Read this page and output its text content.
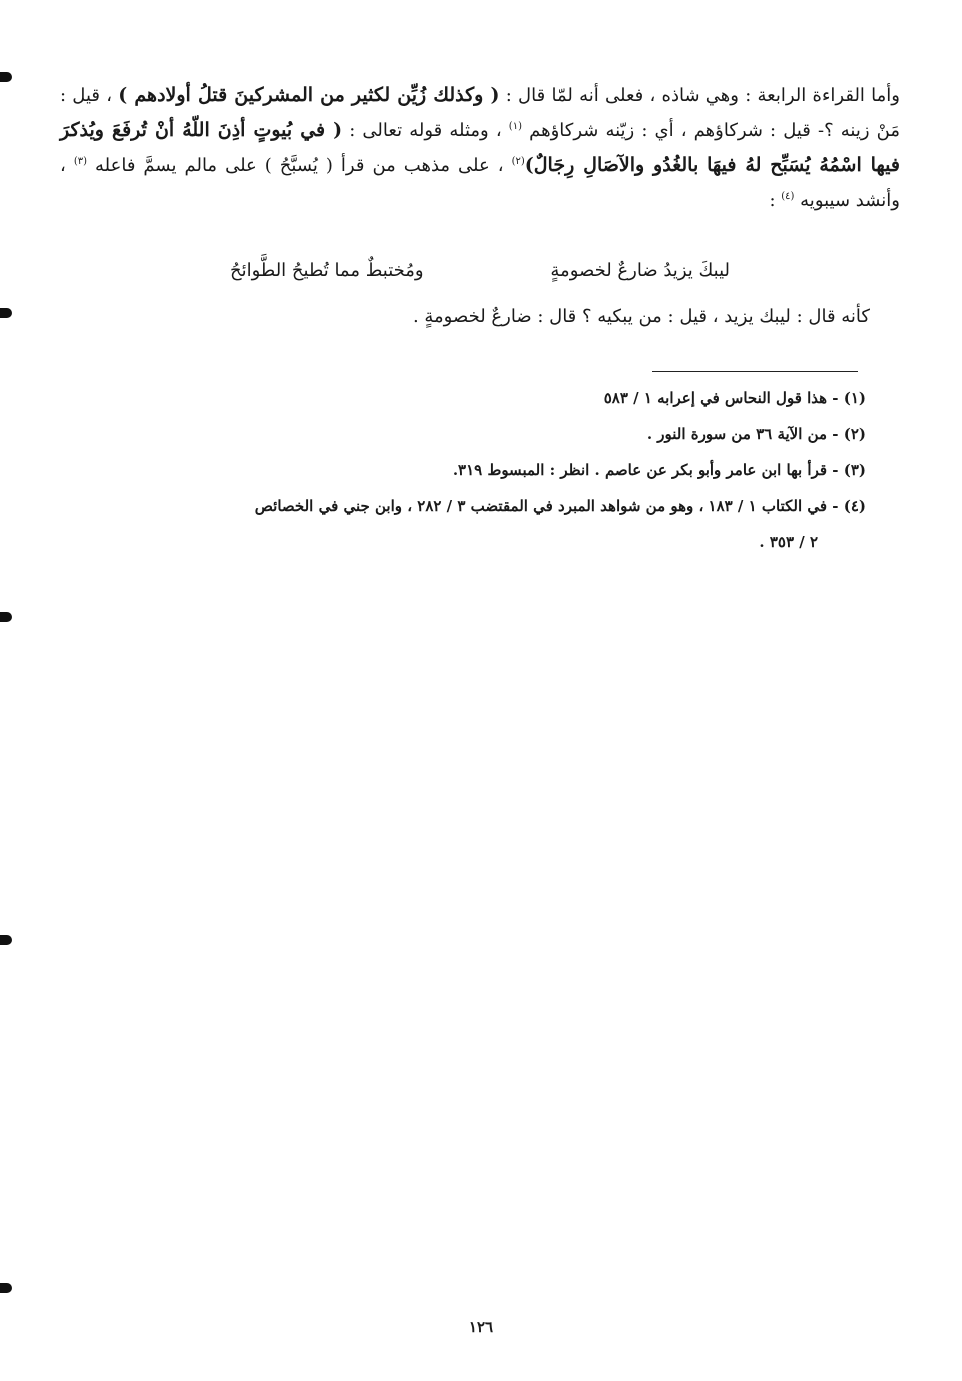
وأما القراءة الرابعة : وهي شاذه ، فعلى أنه لمّا قال : ( وكذلك زُيِّن لكثير من المشركينَ قتلُ أولادهم ) ، قيل : مَنْ زينه ؟- قيل : شركاؤهم ، أي : زيّنه شركاؤهم $^{(١)}$ ، ومثله قوله تعالى : ( في بُيوتٍ أذِنَ اللّهُ أنْ تُرفَعَ ويُذكرَ فيها اسْمُهُ يُسَبِّح لهُ فيهَا بالغُدُو والآصَالِ رِجَالٌ)$^{(٢)}$ ، على مذهب من قرأ ( يُسبَّحُ ) على مالم يسمَّ فاعله $^{(٣)}$ ، وأنشد سيبويه $^{(٤)}$ :

ليبكَ يزيدُ ضارعٌ لخصومةٍ
ومُختبطٌ مما تُطيحُ الطَّوائحُ
كأنه قال : ليبك يزيد ، قيل : من يبكيه ؟ قال : ضارعٌ لخصومةٍ .
(١) - هذا قول النحاس في إعرابه ١ / ٥٨٣
(٢) - من الآية ٣٦ من سورة النور .
(٣) - قرأ بها ابن عامر وأبو بكر عن عاصم . انظر : المبسوط ٣١٩.
(٤) - في الكتاب ١ / ١٨٣ ، وهو من شواهد المبرد في المقتضب ٣ / ٢٨٢ ، وابن جني في الخصائص
٢ / ٣٥٣ .
١٢٦
